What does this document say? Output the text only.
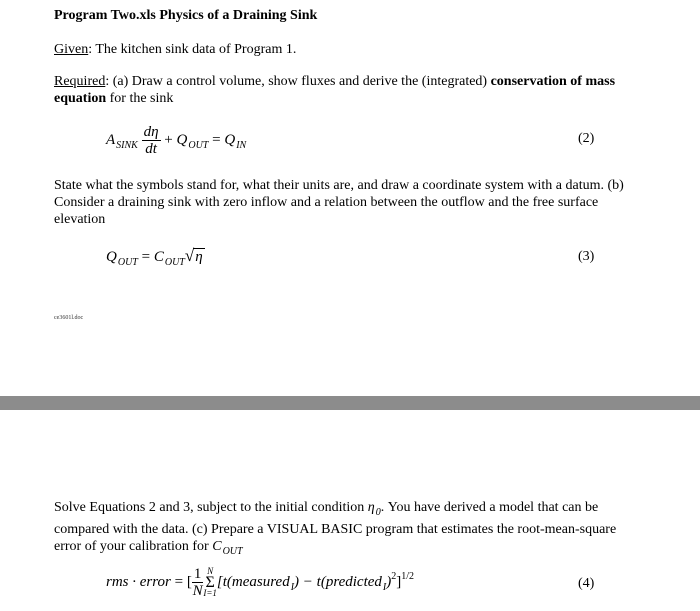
Program Two.xls Physics of a Draining Sink
Given: The kitchen sink data of Program 1.
Required: (a) Draw a control volume, show fluxes and derive the (integrated) conservation of mass equation for the sink
$A_{SINK} \frac{d\eta}{dt} + Q_{OUT} = Q_{IN}$	(2)
State what the symbols stand for, what their units are, and draw a coordinate system with a datum. (b) Consider a draining sink with zero inflow and a relation between the outflow and the free surface elevation
$Q_{OUT} = C_{OUT}√\eta$	(3)
ce3601l.doc
Solve Equations 2 and 3, subject to the initial condition $\eta_0$. You have derived a model that can be compared with the data. (c) Prepare a VISUAL BASIC program that estimates the root-mean-square error of your calibration for $C_{OUT}$
rms · error = [ $\frac{1}{N}$ N
Σ
I=1
[t(measured$_I$) − t(predicted$_I$)$^2$]$^{1/2}$	(4)
